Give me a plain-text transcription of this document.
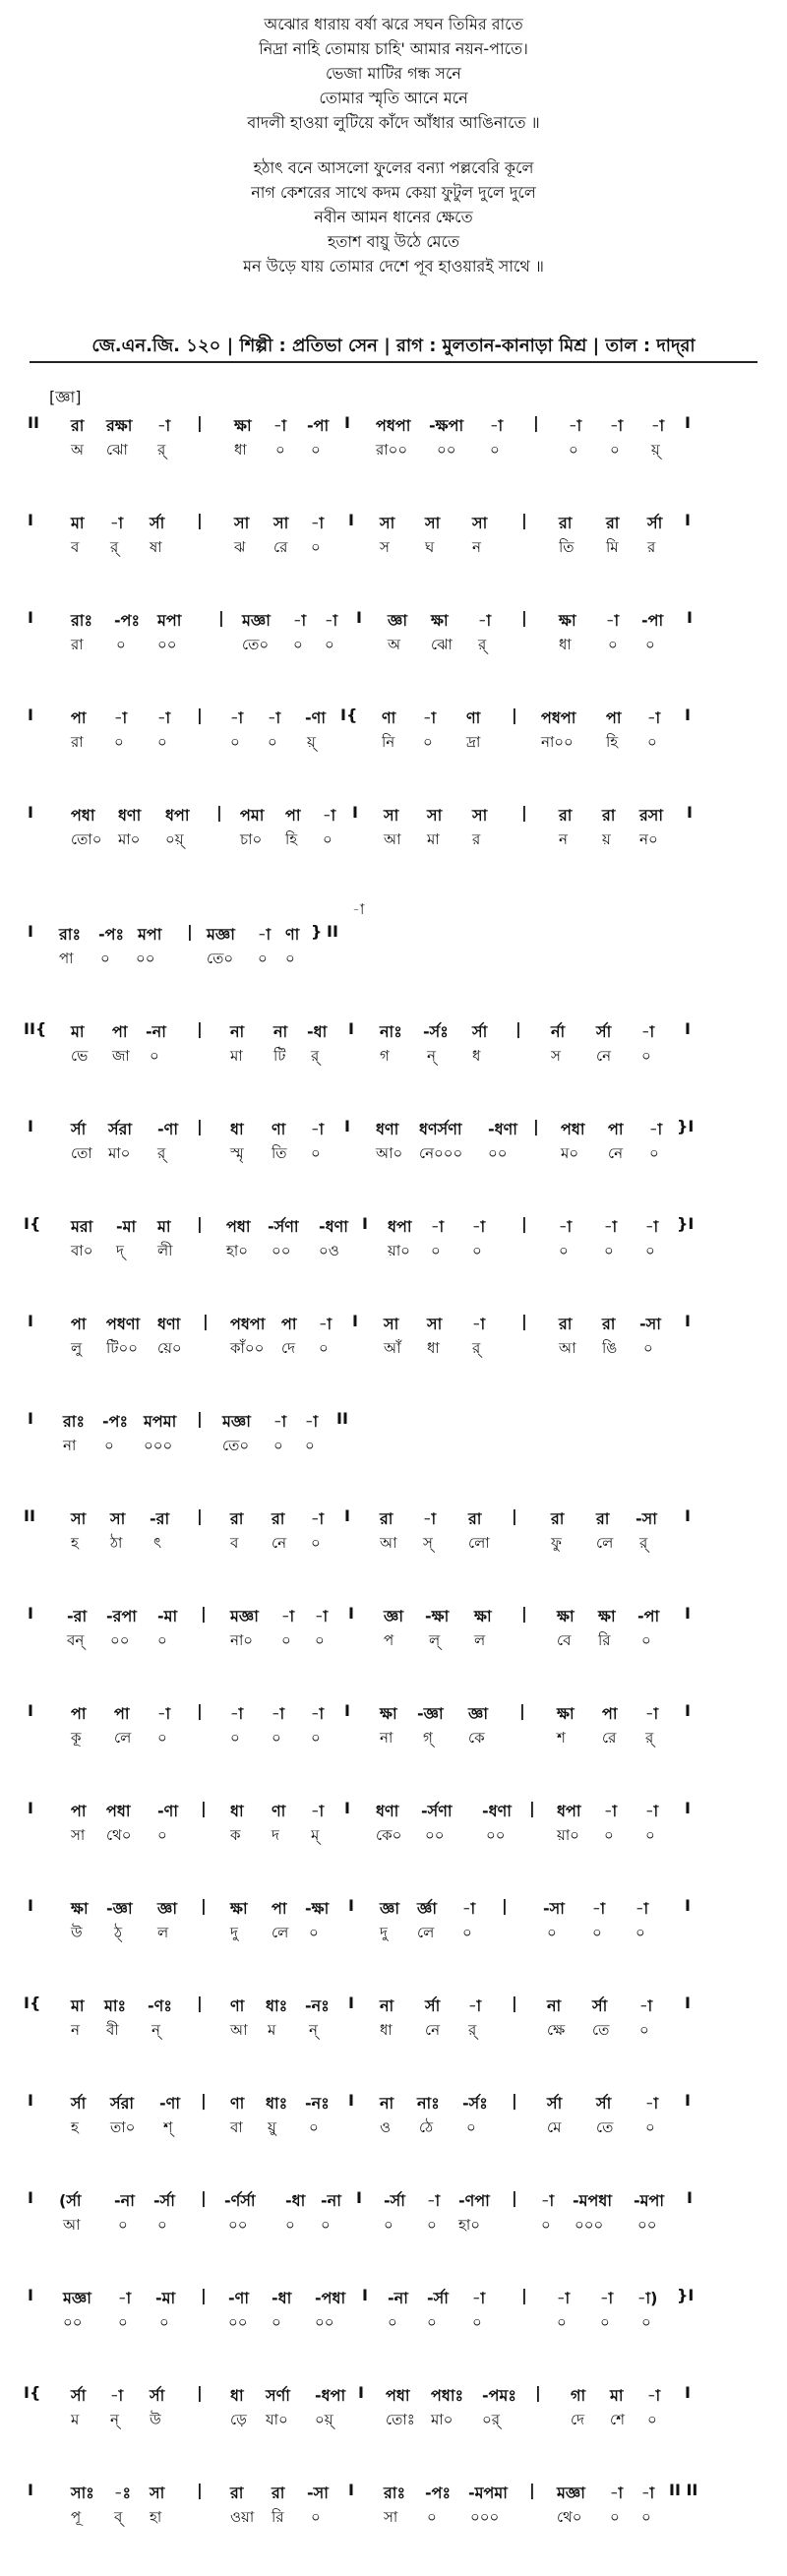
অঝোর ধারায় বর্ষা ঝরে সঘন তিমির রাতে
নিদ্রা নাহি তোমায় চাহি' আমার নয়ন-পাতে।
ভেজা মাটির গন্ধ সনে
তোমার স্মৃতি আনে মনে
বাদলী হাওয়া লুটিয়ে কাঁদে আঁধার আঙিনাতে ॥
হঠাৎ বনে আসলো ফুলের বন্যা পল্লবেরি কূলে
নাগ কেশরের সাথে কদম কেয়া ফুটুল দুলে দুলে
নবীন আমন ধানের ক্ষেতে
হতাশ বায়ু উঠে মেতে
মন উড়ে যায় তোমার দেশে পূব হাওয়ারই সাথে ॥
জে.এন.জি. ১২০ | শিল্পী : প্রতিভা সেন | রাগ : মুলতান-কানাড়া মিশ্র | তাল : দাদ্‌রা
[জ্ঞা]
II রা রক্ষা -া | ক্ষা -া -পা I পধপা -ক্ষপা -া | -া -া -া I
অ ঝো র্	ধা ০ ০	রা০০ ০০ ০	০ ০ য়্
I মা -া র্সা | সা সা -া I সা সা সা | রা রা র্সা I
ব র্ ষা	ঝ রে ০	স ঘ	ন	তি মি র
I রাঃ -পঃ মপা | মজ্ঞা -া -া I জ্ঞা ক্ষা -া | ক্ষা -া -পা I
রা ০ ০০	তে০ ০ ০	অ ঝো র্	ধা ০ ০
I পা -া -া | -া -া -ণা I{ ণা -া ণা | পধপা পা -া I
রা ০ ০	০ ০ য়্	নি ০ দ্রা	না০০ হি ০
I পধা ধণা ধপা | পমা পা -া I সা সা সা | রা রা রসা I
তো০ মা০ ০য়্	চা০ হি ০	আ মা র	ন য় ন০
-া
I রাঃ -পঃ মপা | মজ্ঞা -া ণা } II
পা ০ ০০	তে০ ০ ০
II{ মা পা -না | না না -ধা I নাঃ -র্সঃ র্সা | র্না র্সা -া I
ভে জা ০	মা টি র্	গ	ন্ ধ	স নে ০
I র্সা র্সরা -ণা | ধা ণা -া I ধণা ধণর্সণা -ধণা | পধা পা -া }I
তো মা০ র্	স্মৃ তি ০	আ০ নে০০০ ০০	ম০ নে ০
I{ মরা -মা মা | পধা -র্সণা -ধণা I ধপা -া -া | -া -া -া }I
বা০ দ্ লী	হা০ ০০ ০ও	য়া০ ০ ০	০ ০ ০
I পা পধণা ধণা | পধপা পা -া I সা সা -া | রা রা -সা I
লু টি০০ য়ে০	কাঁ০০ দে ০	আঁ ধা র্	আ ঙি ০
I রাঃ -পঃ মপমা | মজ্ঞা -া -া II
না ০ ০০০	তে০ ০ ০
II সা সা -রা | রা রা -া I রা -া রা | রা রা -সা I
হ ঠা ৎ	ব নে ০	আ স্ লো	ফু লে র্
I -রা -রপা -মা | মজ্ঞা -া -া I জ্ঞা -ক্ষা ক্ষা | ক্ষা ক্ষা -পা I
বন্ ০০ ০	না০ ০ ০	প ল্ ল	বে রি ০
I পা পা -া | -া -া -া I ক্ষা -জ্ঞা জ্ঞা | ক্ষা পা -া I
কূ লে ০	০ ০ ০	না গ্ কে	শ রে র্
I পা পধা -ণা | ধা ণা -া I ধণা -র্সণা -ধণা | ধপা -া -া I
সা থে০ ০	ক দ ম্	কে০ ০০	০০	য়া০ ০ ০
I ক্ষা -জ্ঞা জ্ঞা | ক্ষা পা -ক্ষা I জ্ঞা র্জ্ঞা -া | -সা -া -া I
উ ঠ্ ল	দু লে ০	দু লে ০	০ ০ ০
I{ মা মাঃ -ণঃ | ণা ধাঃ -নঃ I না র্সা -া | না র্সা -া I
ন বী ন্	আ ম ন্	ধা নে র্	ক্ষে তে ০
I র্সা র্সরা -ণা | ণা ধাঃ -নঃ I না নাঃ -র্সঃ | র্সা র্সা -া I
হ তা০ শ্	বা য়ু ০	ও ঠে ০	মে তে ০
I (র্সা -না -র্সা | -র্ণর্সা -ধা -না I -র্সা -া -ণপা | -া -মপধা -মপা I
আ	০ ০	০০	০ ০	০ ০ হা০	০ ০০০ ০০
I মজ্ঞা -া -মা | -ণা -ধা -পধা I -না -র্সা -া | -া -া -া) }I
০০ ০ ০	০০ ০ ০০	০ ০ ০	০ ০ ০
I{ র্সা -া র্সা | ধা সর্ণা -ধপা I পধা পধাঃ -পমঃ | গা মা -া I
ম ন্ উ	ড়ে যা০ ০য়্	তোঃ মা০ ০র্	দে শে ০
I সাঃ -ঃ সা | রা রা -সা I রাঃ -পঃ -মপমা | মজ্ঞা -া -া II II
পূ ব্ হা	ওয়া রি ০	সা ০ ০০০	থে০ ০ ০
